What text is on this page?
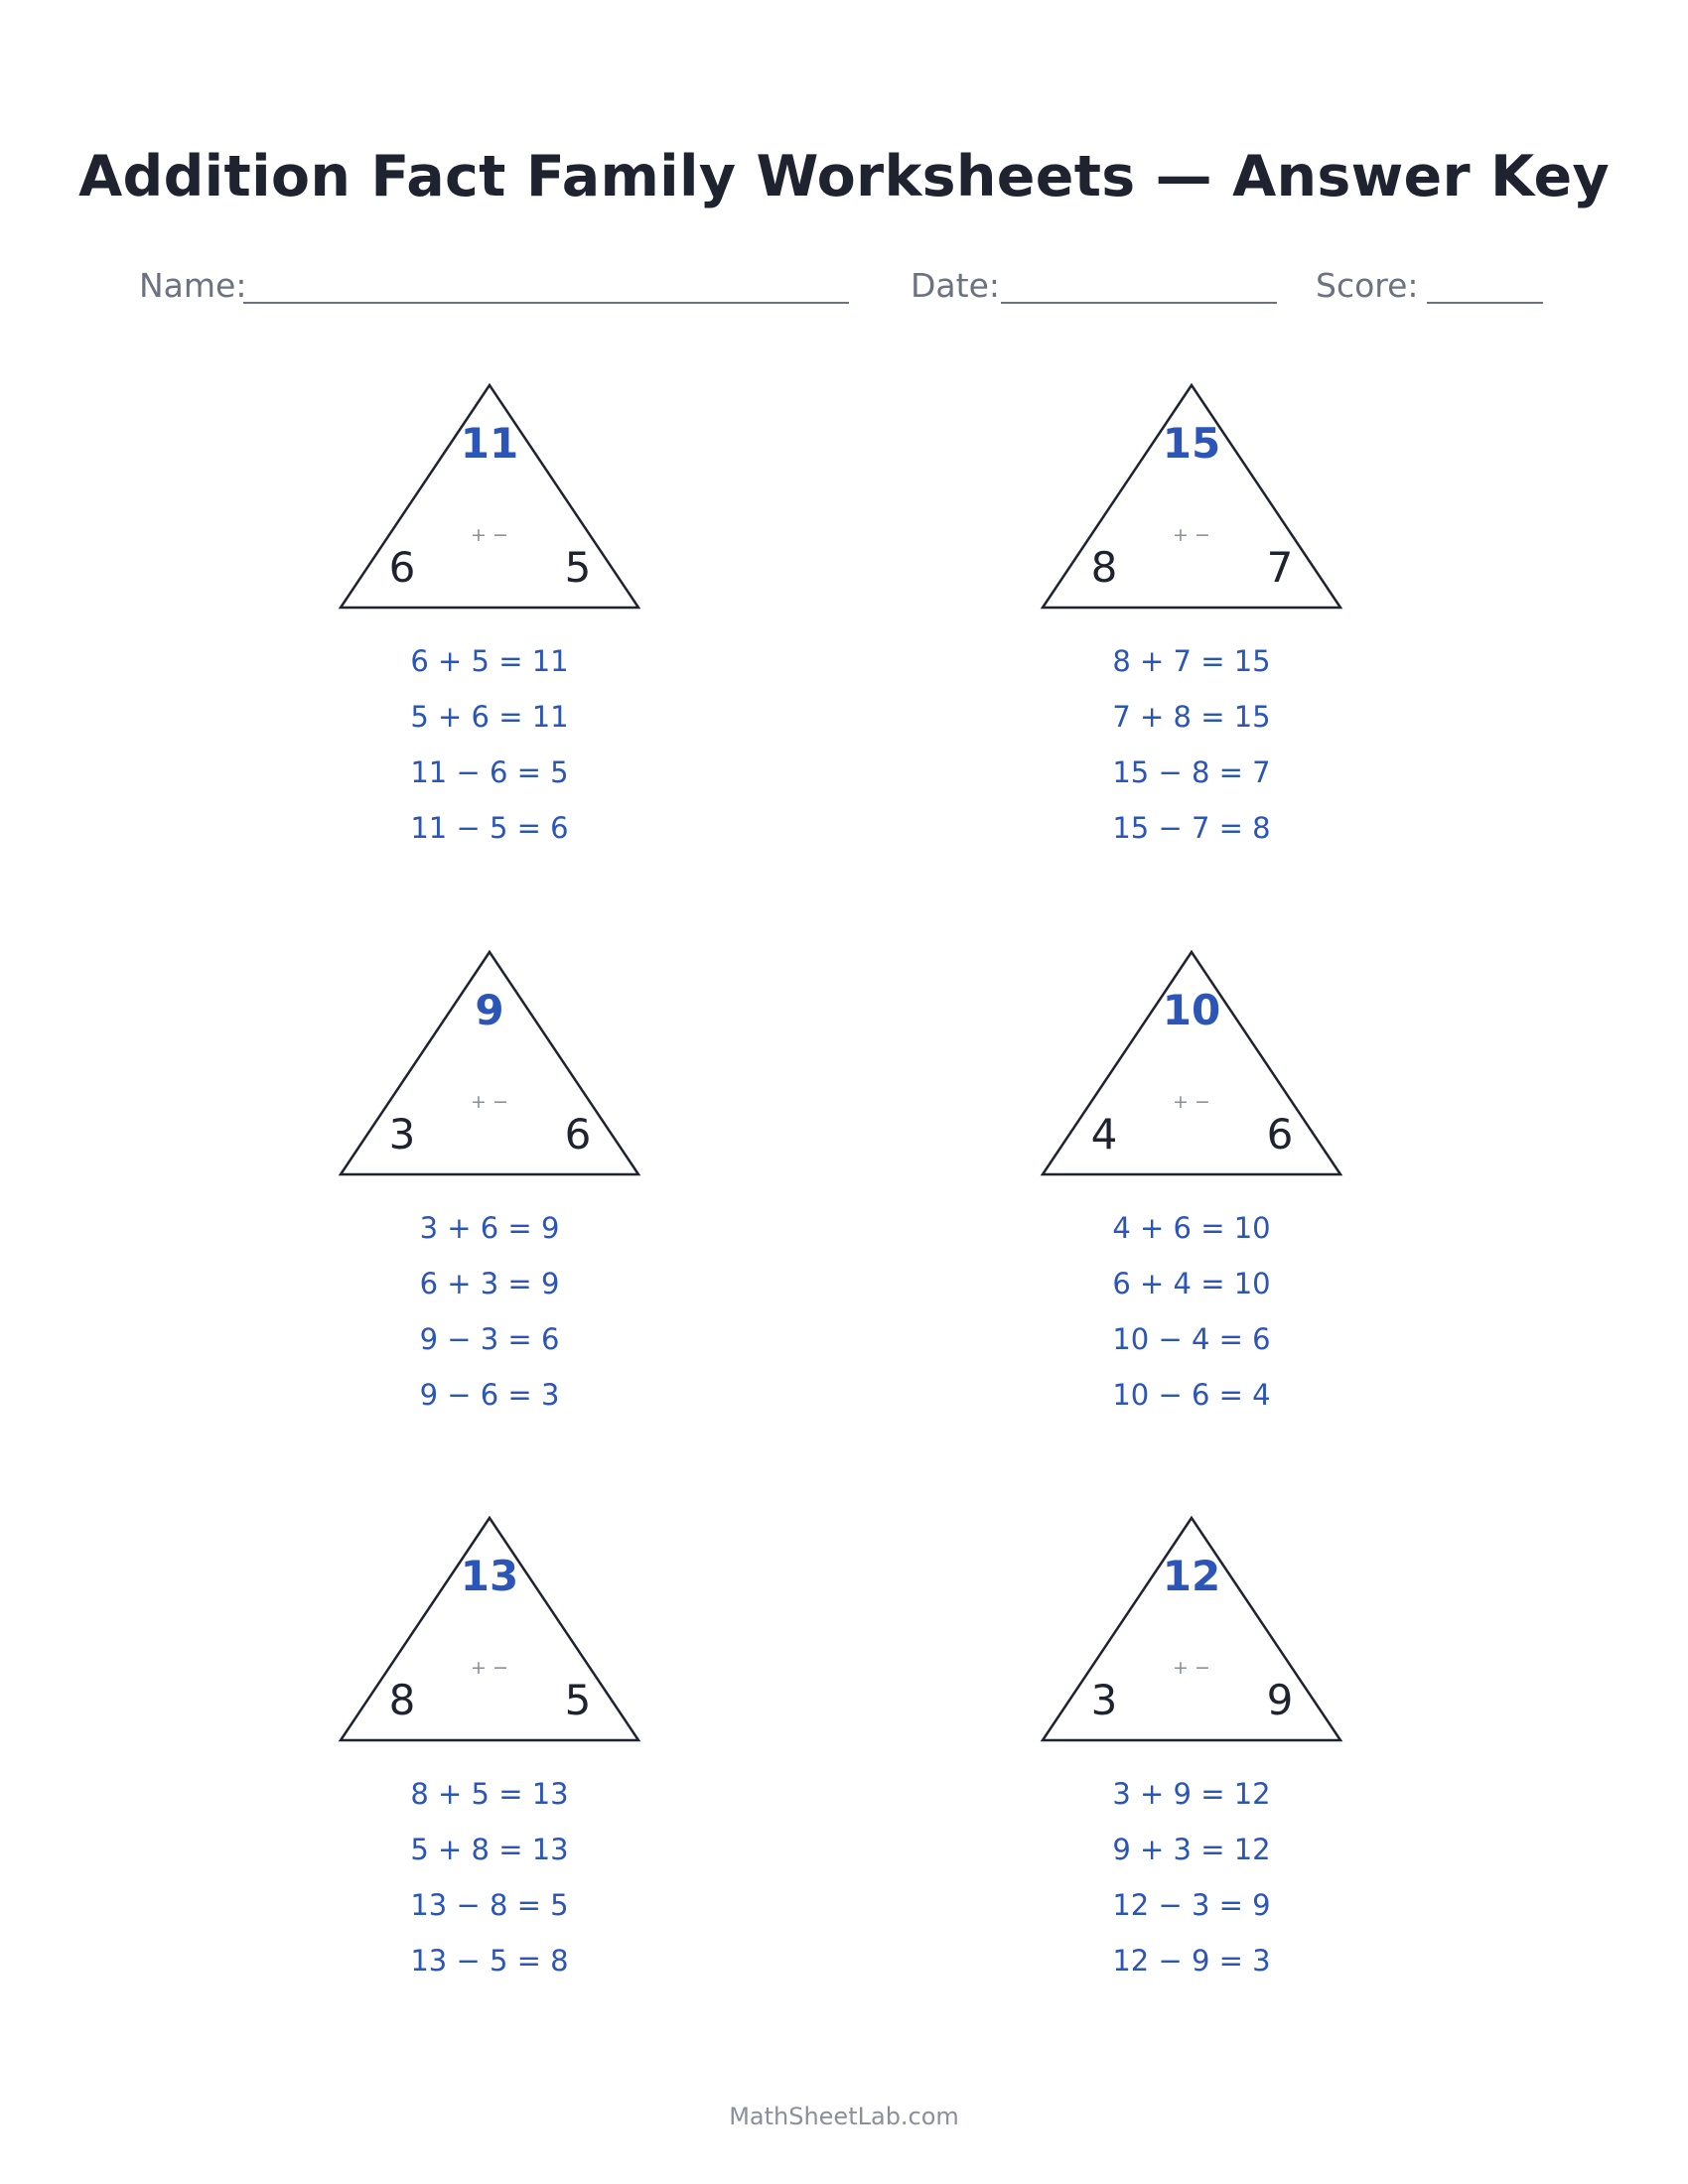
Addition Fact Family Worksheets — Answer Key
Name:	Date:	Score:
11
+ −
6	5
6 + 5 = 11
5 + 6 = 11
11 − 6 = 5
11 − 5 = 6
15
+ −
8	7
8 + 7 = 15
7 + 8 = 15
15 − 8 = 7
15 − 7 = 8
9
+ −
3	6
3 + 6 = 9
6 + 3 = 9
9 − 3 = 6
9 − 6 = 3
10
+ −
4	6
4 + 6 = 10
6 + 4 = 10
10 − 4 = 6
10 − 6 = 4
13
+ −
8	5
8 + 5 = 13
5 + 8 = 13
13 − 8 = 5
13 − 5 = 8
12
+ −
3	9
3 + 9 = 12
9 + 3 = 12
12 − 3 = 9
12 − 9 = 3
MathSheetLab.com
